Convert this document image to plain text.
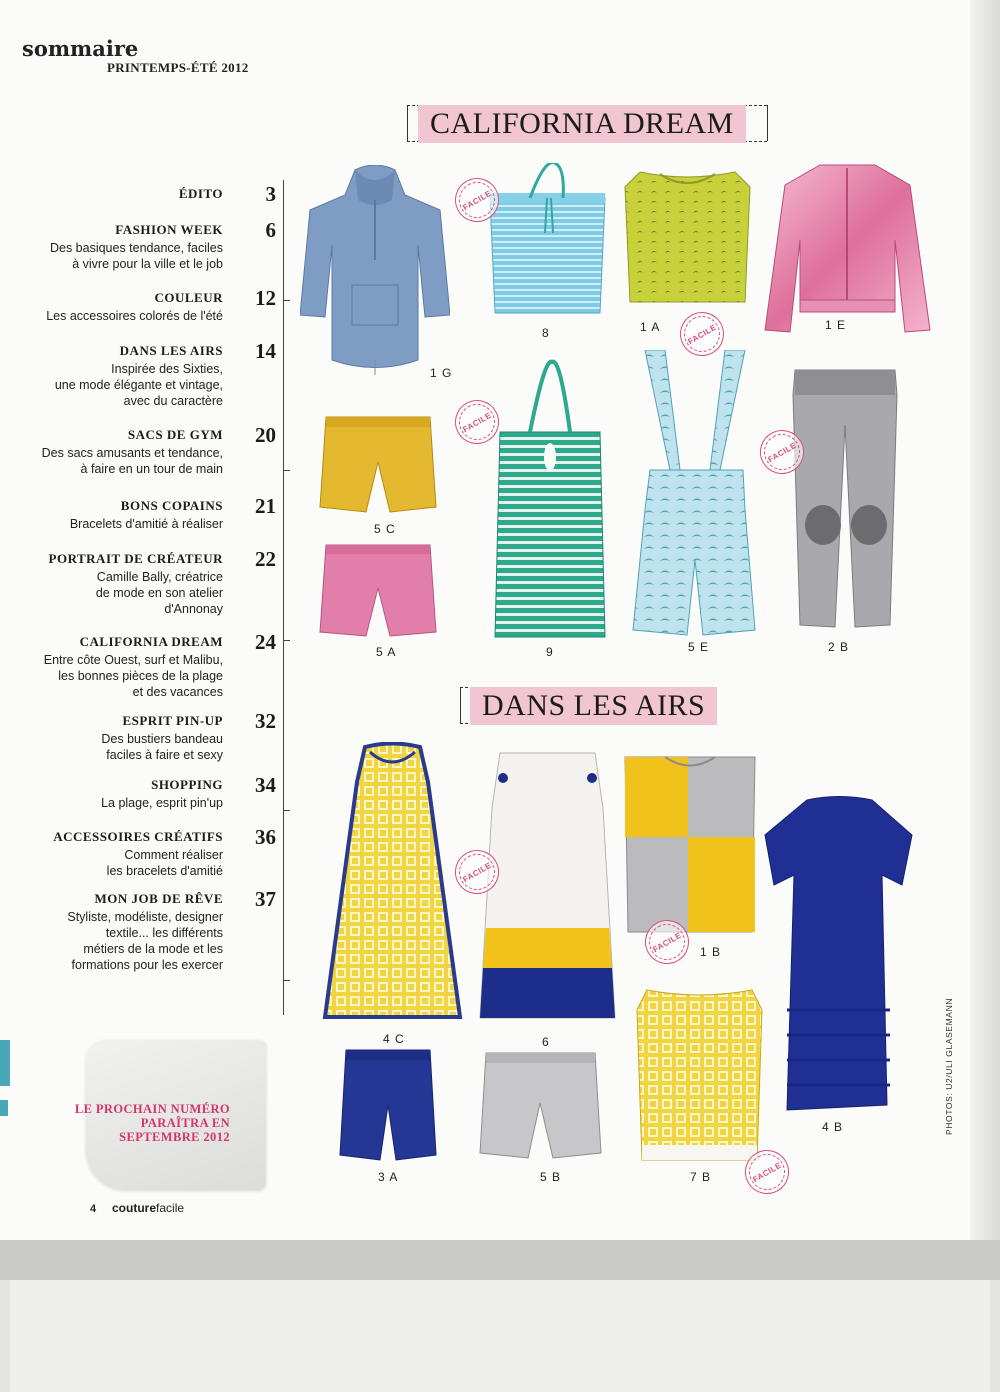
sommaire
PRINTEMPS-ÉTÉ 2012
ÉDITO	3
FASHION WEEK	6
Des basiques tendance, faciles
à vivre pour la ville et le job
COULEUR	12
Les accessoires colorés de l'été
DANS LES AIRS	14
Inspirée des Sixties,
une mode élégante et vintage,
avec du caractère
SACS DE GYM	20
Des sacs amusants et tendance,
à faire en un tour de main
BONS COPAINS	21
Bracelets d'amitié à réaliser
PORTRAIT DE CRÉATEUR	22
Camille Bally, créatrice
de mode en son atelier
d'Annonay
CALIFORNIA DREAM	24
Entre côte Ouest, surf et Malibu,
les bonnes pièces de la plage
et des vacances
ESPRIT PIN-UP	32
Des bustiers bandeau
faciles à faire et sexy
SHOPPING	34
La plage, esprit pin'up
ACCESSOIRES CRÉATIFS	36
Comment réaliser
les bracelets d'amitié
MON JOB DE RÊVE	37
Styliste, modéliste, designer
textile... les différents
métiers de la mode et les
formations pour les exercer
LE PROCHAIN NUMÉRO
PARAÎTRA EN
SEPTEMBRE 2012
4 couturefacile
PHOTOS: U2/ULI GLASEMANN
CALIFORNIA DREAM
DANS LES AIRS
1 G
FACILE
8	1 A	FACILE	1 E
5 C
5 A
FACILE
9	5 E
FACILE
2 B
4 C
FACILE
6
FACILE	1 B
4 B
3 A	5 B	FACILE
7 B
